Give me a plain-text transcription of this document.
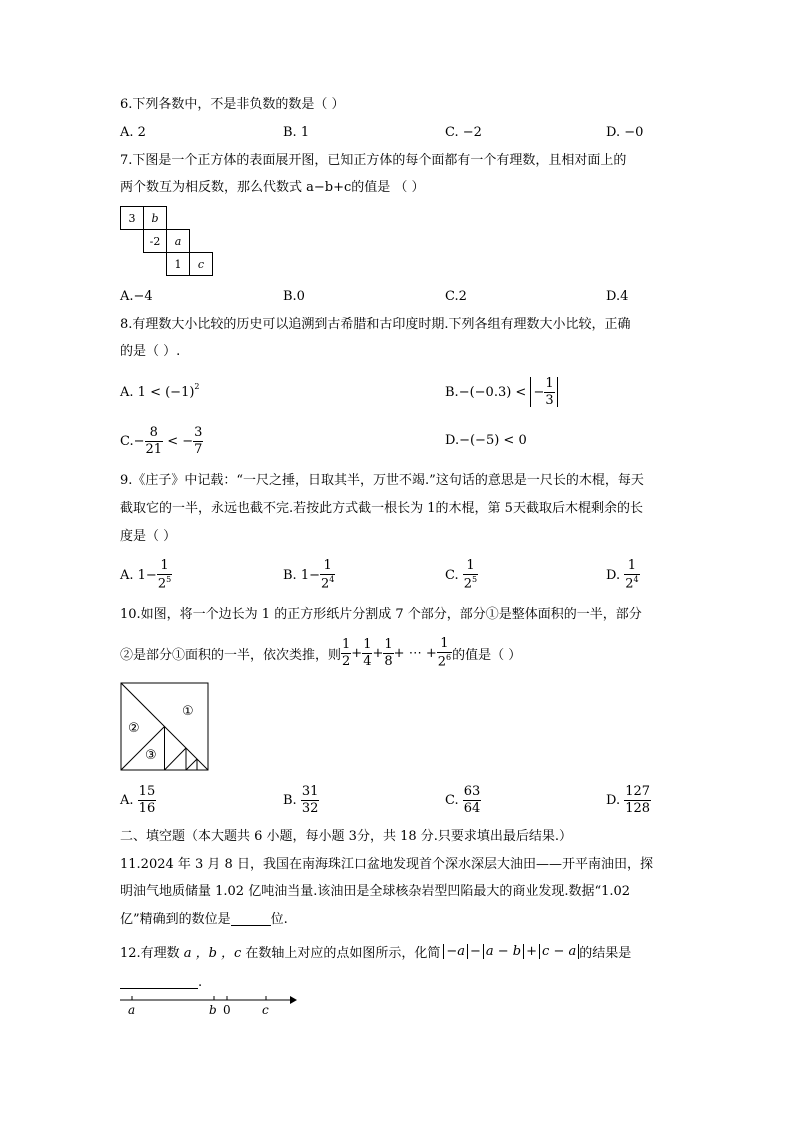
6.下列各数中，不是非负数的数是（ ）
A. 2	B. 1	C. −2	D. −0
7.下图是一个正方体的表面展开图，已知正方体的每个面都有一个有理数，且相对面上的
两个数互为相反数，那么代数式 a−b+c的值是 （ ）
3	b
-2	a
1	c
A.−4	B.0	C.2	D.4
8.有理数大小比较的历史可以追溯到古希腊和古印度时期.下列各组有理数大小比较，正确
的是（ ）.
A.
$1 < (-1)^2$	B. −(−0.3) <
− $\frac{1}{3}$
C. − $\frac{8}{21}$
< − $\frac{3}{7}$	D.−(−5) < 0
9.《庄子》中记载：“一尺之捶，日取其半，万世不竭.”这句话的意思是一尺长的木棍，每天
截取它的一半，永远也截不完.若按此方式截一根长为 1的木棍，第 5天截取后木棍剩余的长
度是（ ）
A. $1- \frac{1}{2^5}$	B. $1- \frac{1}{2^4}$	C.
$\frac{1}{2^5}$	D.
$\frac{1}{2^4}$
10.如图，将一个边长为 1 的正方形纸片分割成 7 个部分，部分①是整体面积的一半，部分
②是部分①面积的一半，依次类推，则 $\frac{1}{2} + \frac{1}{4} + \frac{1}{8}$ + ⋯ + $\frac{1}{2^6}$ 的值是（ ）
①
②
③
A.
$\frac{15}{16}$	B.
$\frac{31}{32}$	C.
$\frac{63}{64}$	D.
$\frac{127}{128}$
二、填空题（本大题共 6 小题，每小题 3分，共 18 分.只要求填出最后结果.）
11.2024 年 3 月 8 日，我国在南海珠江口盆地发现首个深水深层大油田——开平南油田，探
明油气地质储量 1.02 亿吨油当量.该油田是全球核杂岩型凹陷最大的商业发现.数据“1.02
亿”精确到的数位是	位.
12.有理数 a ，b ，c 在数轴上对应的点如图所示，化简 −a − a − b + c − a 的结果是
.
a	b 0	c
